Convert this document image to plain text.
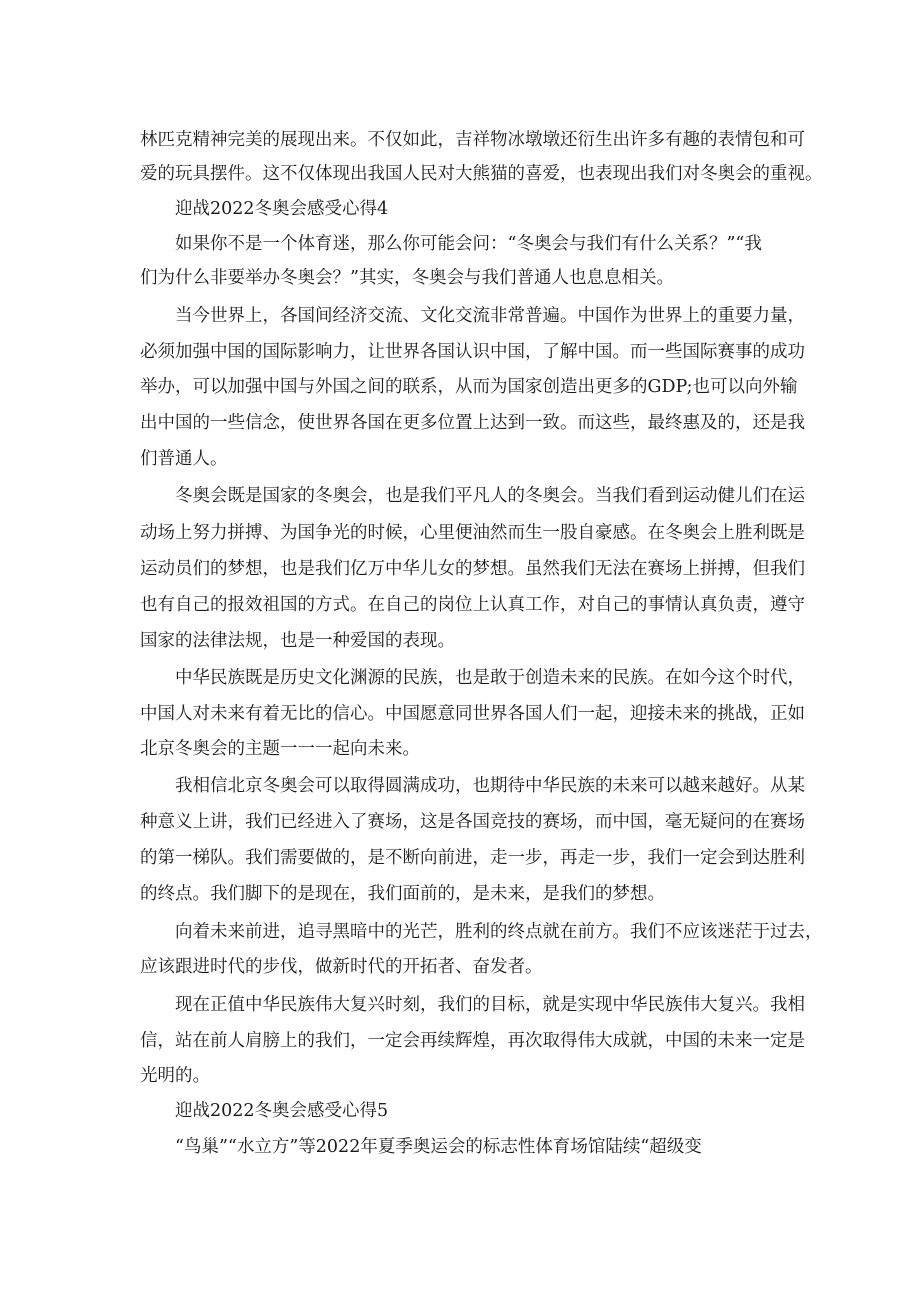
林匹克精神完美的展现出来。不仅如此，吉祥物冰墩墩还衍生出许多有趣的表情包和可
爱的玩具摆件。这不仅体现出我国人民对大熊猫的喜爱，也表现出我们对冬奥会的重视。
迎战2022冬奥会感受心得4
如果你不是一个体育迷，那么你可能会问：“冬奥会与我们有什么关系？”“我
们为什么非要举办冬奥会？”其实，冬奥会与我们普通人也息息相关。
当今世界上，各国间经济交流、文化交流非常普遍。中国作为世界上的重要力量，
必须加强中国的国际影响力，让世界各国认识中国，了解中国。而一些国际赛事的成功
举办，可以加强中国与外国之间的联系，从而为国家创造出更多的GDP;也可以向外输
出中国的一些信念，使世界各国在更多位置上达到一致。而这些，最终惠及的，还是我
们普通人。
冬奥会既是国家的冬奥会，也是我们平凡人的冬奥会。当我们看到运动健儿们在运
动场上努力拼搏、为国争光的时候，心里便油然而生一股自豪感。在冬奥会上胜利既是
运动员们的梦想，也是我们亿万中华儿女的梦想。虽然我们无法在赛场上拼搏，但我们
也有自己的报效祖国的方式。在自己的岗位上认真工作，对自己的事情认真负责，遵守
国家的法律法规，也是一种爱国的表现。
中华民族既是历史文化渊源的民族，也是敢于创造未来的民族。在如今这个时代，
中国人对未来有着无比的信心。中国愿意同世界各国人们一起，迎接未来的挑战，正如
北京冬奥会的主题一一一起向未来。
我相信北京冬奥会可以取得圆满成功，也期待中华民族的未来可以越来越好。从某
种意义上讲，我们已经进入了赛场，这是各国竞技的赛场，而中国，毫无疑问的在赛场
的第一梯队。我们需要做的，是不断向前进，走一步，再走一步，我们一定会到达胜利
的终点。我们脚下的是现在，我们面前的，是未来，是我们的梦想。
向着未来前进，追寻黑暗中的光芒，胜利的终点就在前方。我们不应该迷茫于过去，
应该跟进时代的步伐，做新时代的开拓者、奋发者。
现在正值中华民族伟大复兴时刻，我们的目标，就是实现中华民族伟大复兴。我相
信，站在前人肩膀上的我们，一定会再续辉煌，再次取得伟大成就，中国的未来一定是
光明的。
迎战2022冬奥会感受心得5
“鸟巢”“水立方”等2022年夏季奥运会的标志性体育场馆陆续“超级变
